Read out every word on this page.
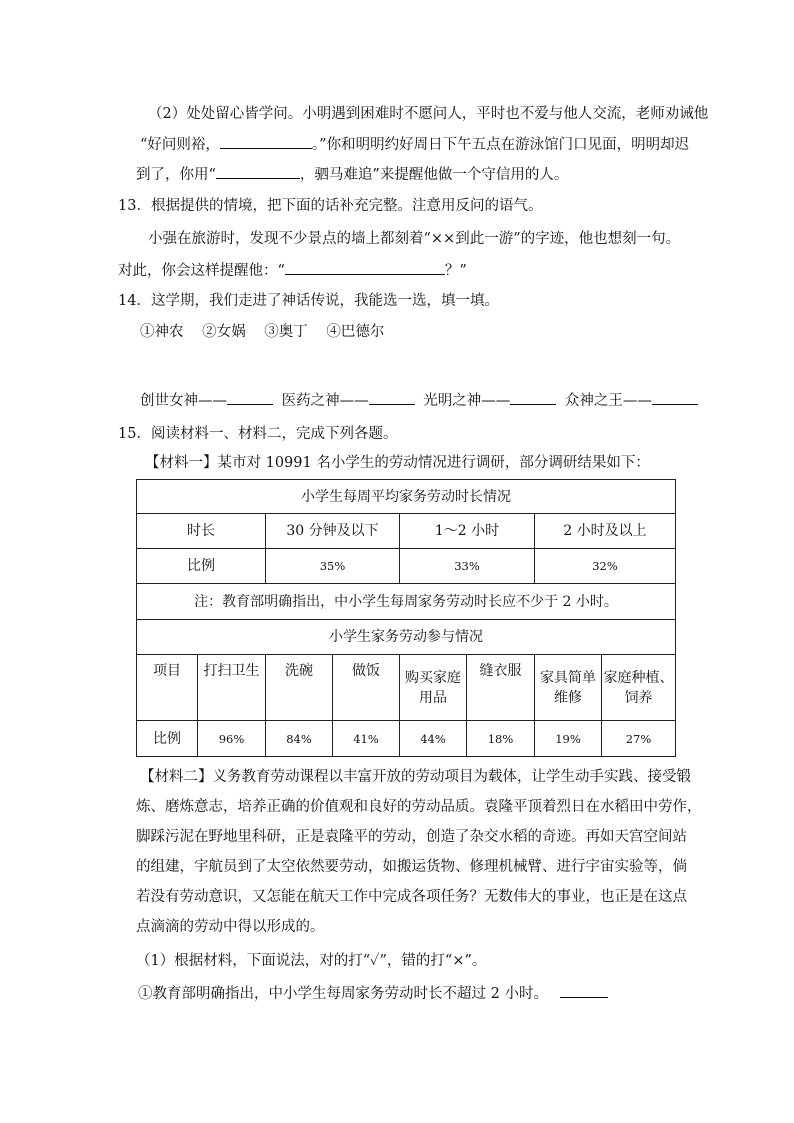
（2）处处留心皆学问。小明遇到困难时不愿问人，平时也不爱与他人交流，老师劝诫他
“好问则裕，	。”你和明明约好周日下午五点在游泳馆门口见面，明明却迟
到了，你用“	，驷马难追”来提醒他做一个守信用的人。
13．根据提供的情境，把下面的话补充完整。注意用反问的语气。
小强在旅游时，发现不少景点的墙上都刻着“××到此一游”的字迹，他也想刻一句。
对此，你会这样提醒他：“	？”
14．这学期，我们走进了神话传说，我能选一选，填一填。
①神农 ②女娲 ③奥丁 ④巴德尔
创世女神——	医药之神——	光明之神——	众神之王——
15．阅读材料一、材料二，完成下列各题。
【材料一】某市对 10991 名小学生的劳动情况进行调研，部分调研结果如下：
小学生每周平均家务劳动时长情况							
时长		30 分钟及以下		1～2 小时		2 小时及以上	
比例		35%		33%		32%	
注：教育部明确指出，中小学生每周家务劳动时长应不少于 2 小时。							
小学生家务劳动参与情况							
项目	打扫卫生	洗碗	做饭	购买家庭用品	缝衣服	家具简单维修	家庭种植、饲养
比例	96%	84%	41%	44%	18%	19%	27%
【材料二】义务教育劳动课程以丰富开放的劳动项目为载体，让学生动手实践、接受锻
炼、磨炼意志，培养正确的价值观和良好的劳动品质。袁隆平顶着烈日在水稻田中劳作，
脚踩污泥在野地里科研，正是袁隆平的劳动，创造了杂交水稻的奇迹。再如天宫空间站
的组建，宇航员到了太空依然要劳动，如搬运货物、修理机械臂、进行宇宙实验等，倘
若没有劳动意识，又怎能在航天工作中完成各项任务？无数伟大的事业，也正是在这点
点滴滴的劳动中得以形成的。
（1）根据材料，下面说法，对的打“✓”，错的打“×”。
①教育部明确指出，中小学生每周家务劳动时长不超过 2 小时。
